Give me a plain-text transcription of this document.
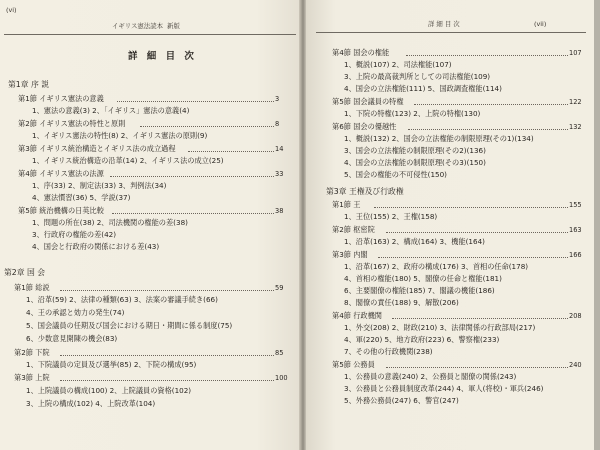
(vi)
イギリス憲法読本 新版
詳 細 目 次
第1章 序 説
第1節 イギリス憲法の意義	3
1、憲法の意義(3) 2、「イギリス」憲法の意義(4)
第2節 イギリス憲法の特性と原則	8
1、イギリス憲法の特性(8) 2、イギリス憲法の原則(9)
第3節 イギリス統治構造とイギリス法の成立過程	14
1、イギリス統治構造の沿革(14) 2、イギリス法の成立(25)
第4節 イギリス憲法の法源	33
1、序(33) 2、制定法(33) 3、判例法(34)
4、憲法慣習(36) 5、学説(37)
第5節 統治機構の日英比較	38
1、問題の所在(38) 2、司法機関の権能の差(38)
3、行政府の権能の差(42)
4、国会と行政府の関係における差(43)
第2章 国 会
第1節 総説	59
1、沿革(59) 2、法律の種類(63) 3、法案の審議手続き(66)
4、王の承認と効力の発生(74)
5、国会議員の任期及び国会における期日・期間に係る制度(75)
6、少数意見開陳の機会(83)
第2節 下院	85
1、下院議員の定員及び選挙(85) 2、下院の構成(95)
第3節 上院	100
1、上院議員の構成(100) 2、上院議員の資格(102)
3、上院の構成(102) 4、上院改革(104)
詳 細 目 次	(vii)
第4節 国会の権能	107
1、概説(107) 2、司法権能(107)
3、上院の最高裁判所としての司法権能(109)
4、国会の立法権能(111) 5、国政調査権能(114)
第5節 国会議員の特権	122
1、下院の特権(123) 2、上院の特権(130)
第6節 国会の優越性	132
1、概説(132) 2、国会の立法権能の制限原理(その1)(134)
3、国会の立法権能の制限原理(その2)(136)
4、国会の立法権能の制限原理(その3)(150)
5、国会の権能の不可侵性(150)
第3章 王権及び行政権
第1節 王	155
1、王位(155) 2、王権(158)
第2節 枢密院	163
1、沿革(163) 2、構成(164) 3、機能(164)
第3節 内閣	166
1、沿革(167) 2、政府の構成(176) 3、首相の任命(178)
4、首相の権能(180) 5、閣僚の任命と権能(181)
6、主要閣僚の権能(185) 7、閣議の機能(186)
8、閣僚の責任(188) 9、解散(206)
第4節 行政機関	208
1、外交(208) 2、財政(210) 3、法律関係の行政部局(217)
4、軍(220) 5、地方政府(223) 6、警察権(233)
7、その他の行政機関(238)
第5節 公務員	240
1、公務員の意義(240) 2、公務員と閣僚の関係(243)
3、公務員と公務員制度改革(244) 4、軍人(将校)・軍兵(246)
5、外務公務員(247) 6、警官(247)
